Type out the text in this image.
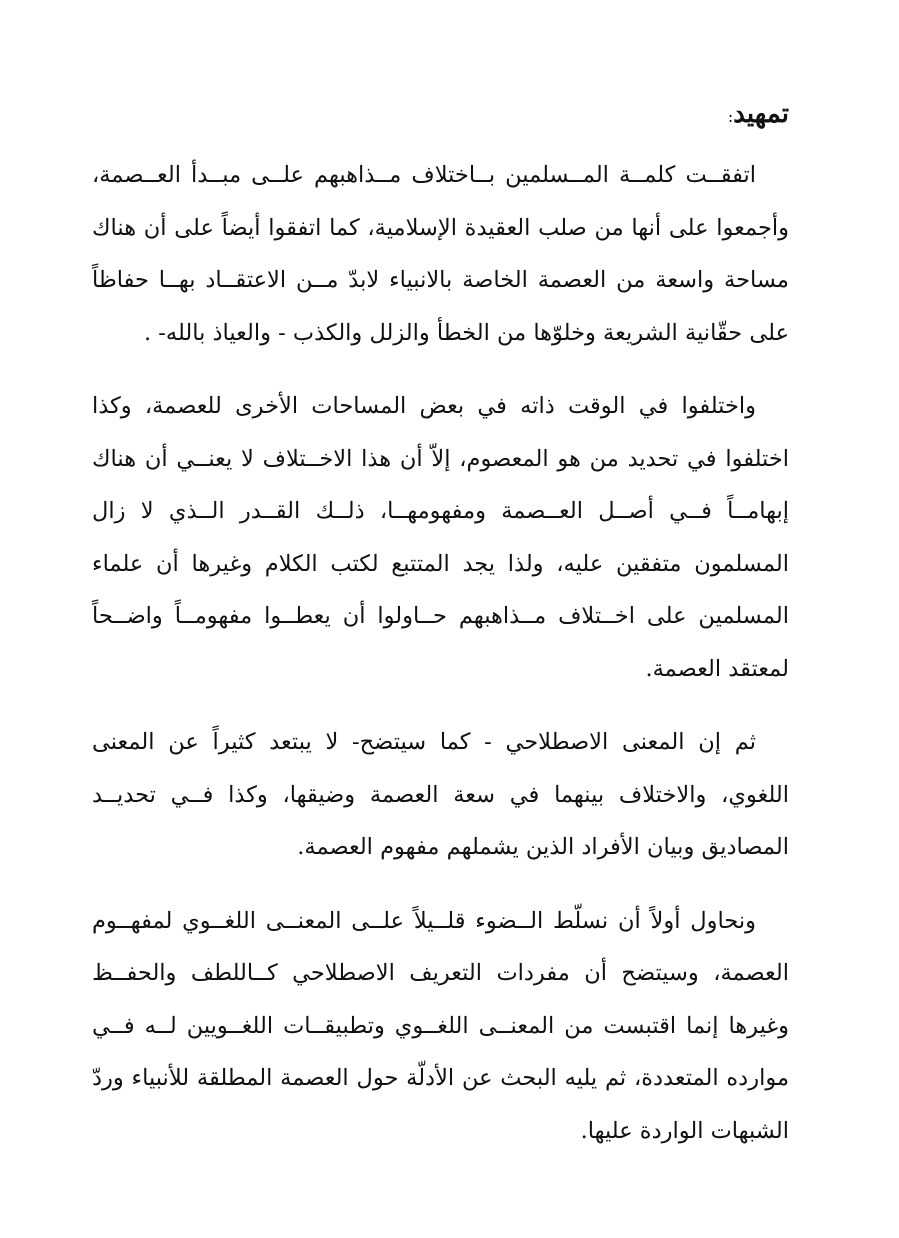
تمهيد:

اتفقــت كلمــة المــسلمين بــاختلاف مــذاهبهم علــى مبــدأ العــصمة، وأجمعوا على أنها من صلب العقيدة الإسلامية، كما اتفقوا أيضاً على أن هناك مساحة واسعة من العصمة الخاصة بالانبياء لابدّ مــن الاعتقــاد بهــا حفاظاً على حقّانية الشريعة وخلوّها من الخطأ والزلل والكذب - والعياذ بالله- .

واختلفوا في الوقت ذاته في بعض المساحات الأخرى للعصمة، وكذا اختلفوا في تحديد من هو المعصوم، إلاّ أن هذا الاخــتلاف لا يعنــي أن هناك إبهامــاً فــي أصــل العــصمة ومفهومهــا، ذلــك القــدر الــذي لا زال المسلمون متفقين عليه، ولذا يجد المتتبع لكتب الكلام وغيرها أن علماء المسلمين على اخــتلاف مــذاهبهم حــاولوا أن يعطــوا مفهومــاً واضــحاً لمعتقد العصمة.

ثم إن المعنى الاصطلاحي - كما سيتضح- لا يبتعد كثيراً عن المعنى اللغوي، والاختلاف بينهما في سعة العصمة وضيقها، وكذا فــي تحديــد المصاديق وبيان الأفراد الذين يشملهم مفهوم العصمة.

ونحاول أولاً أن نسلّط الــضوء قلــيلاً علــى المعنــى اللغــوي لمفهــوم العصمة، وسيتضح أن مفردات التعريف الاصطلاحي كــاللطف والحفــظ وغيرها إنما اقتبست من المعنــى اللغــوي وتطبيقــات اللغــويين لــه فــي موارده المتعددة، ثم يليه البحث عن الأدلّة حول العصمة المطلقة للأنبياء وردّ الشبهات الواردة عليها.
